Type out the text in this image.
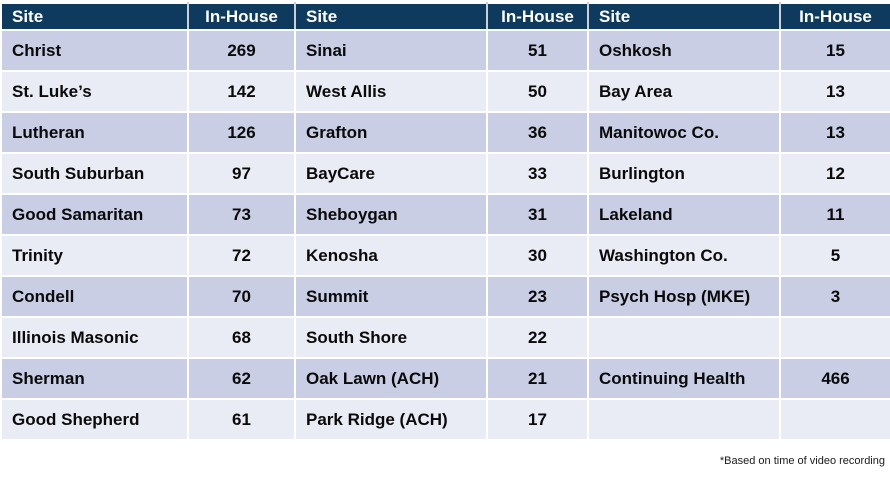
Site	In-House	Site	In-House	Site	In-House
Christ	269	Sinai	51	Oshkosh	15
St. Luke’s	142	West Allis	50	Bay Area	13
Lutheran	126	Grafton	36	Manitowoc Co.	13
South Suburban	97	BayCare	33	Burlington	12
Good Samaritan	73	Sheboygan	31	Lakeland	11
Trinity	72	Kenosha	30	Washington Co.	5
Condell	70	Summit	23	Psych Hosp (MKE)	3
Illinois Masonic	68	South Shore	22		
Sherman	62	Oak Lawn (ACH)	21	Continuing Health	466
Good Shepherd	61	Park Ridge (ACH)	17		
*Based on time of video recording
